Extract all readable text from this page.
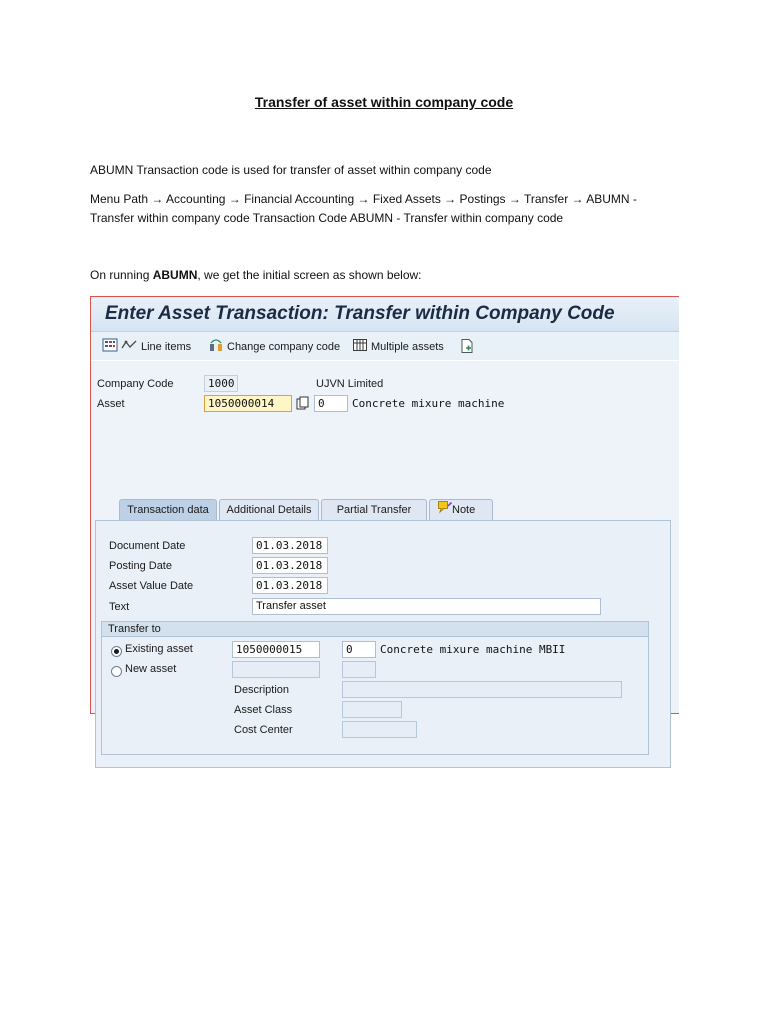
Transfer of asset within company code
ABUMN Transaction code is used for transfer of asset within company code
Menu Path → Accounting → Financial Accounting → Fixed Assets → Postings → Transfer → ABUMN - Transfer within company code Transaction Code ABUMN - Transfer within company code
On running ABUMN, we get the initial screen as shown below:
Enter Asset Transaction: Transfer within Company Code
Line items	Change company code	Multiple assets
Company Code	1000	UJVN Limited
Asset	1050000014	0	Concrete mixure machine
Transaction data	Additional Details	Partial Transfer	Note
Document Date	01.03.2018
Posting Date	01.03.2018
Asset Value Date	01.03.2018
Text	Transfer asset
Transfer to
Existing asset	1050000015	0	Concrete mixure machine MBII
New asset
Description
Asset Class
Cost Center
